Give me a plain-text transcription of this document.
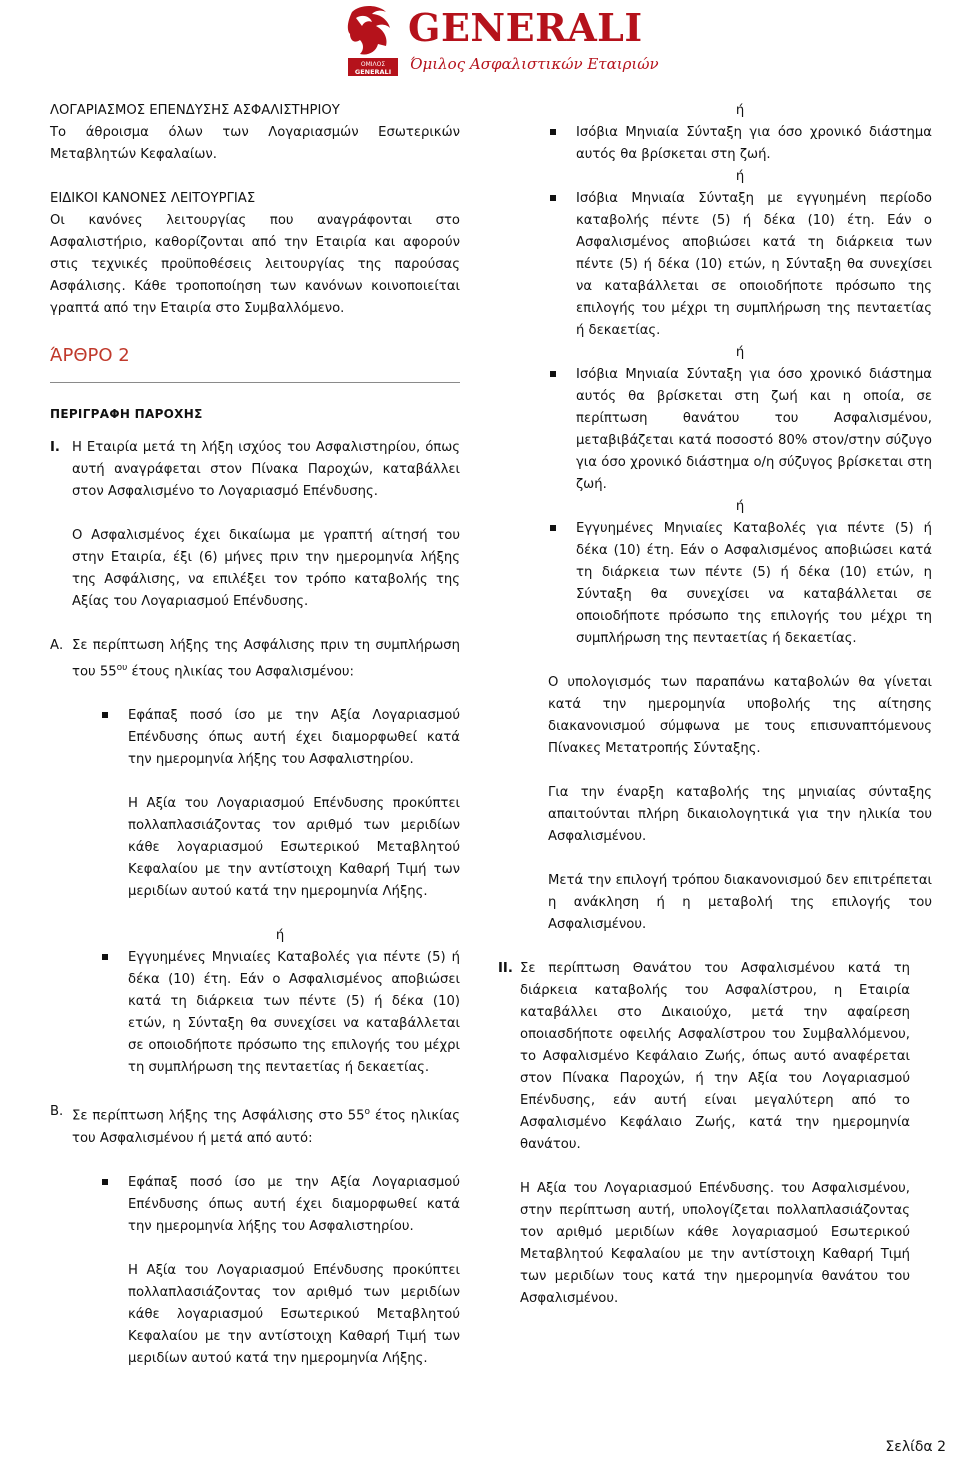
ΟΜΙΛΟΣ
GENERALI
GENERALI
Όμιλος Ασφαλιστικών Εταιριών
ΛΟΓΑΡΙΑΣΜΟΣ ΕΠΕΝΔΥΣΗΣ ΑΣΦΑΛΙΣΤΗΡΙΟΥ
Το άθροισμα όλων των Λογαριασμών Εσωτερικών
Μεταβλητών Κεφαλαίων.
ΕΙΔΙΚΟΙ ΚΑΝΟΝΕΣ ΛΕΙΤΟΥΡΓΙΑΣ

Οι κανόνες λειτουργίας που αναγράφονται στο Ασφαλιστήριο, καθορίζονται από την Εταιρία και αφορούν στις τεχνικές προϋποθέσεις λειτουργίας της παρούσας Ασφάλισης. Κάθε τροποποίηση των κανόνων κοινοποιείται γραπτά από την Εταιρία στο Συμβαλλόμενο.

ΆΡΘΡΟ 2
ΠΕΡΙΓΡΑΦΗ ΠΑΡΟΧΗΣ
I. Η Εταιρία μετά τη λήξη ισχύος του Ασφαλιστηρίου, όπως αυτή αναγράφεται στον Πίνακα Παροχών, καταβάλλει στον Ασφαλισμένο το Λογαριασμό Επένδυσης.

Ο Ασφαλισμένος έχει δικαίωμα με γραπτή αίτησή του στην Εταιρία, έξι (6) μήνες πριν την ημερομηνία λήξης της Ασφάλισης, να επιλέξει τον τρόπο καταβολής της Αξίας του Λογαριασμού Επένδυσης.

Α. Σε περίπτωση λήξης της Ασφάλισης πριν τη συμπλήρωση του $55^{o\upsilon}$ έτους ηλικίας του Ασφαλισμένου:

Εφάπαξ ποσό ίσο με την Αξία Λογαριασμού Επένδυσης όπως αυτή έχει διαμορφωθεί κατά την ημερομηνία λήξης του Ασφαλιστηρίου.

Η Αξία του Λογαριασμού Επένδυσης προκύπτει πολλαπλασιάζοντας τον αριθμό των μεριδίων κάθε λογαριασμού Εσωτερικού Μεταβλητού Κεφαλαίου με την αντίστοιχη Καθαρή Τιμή των μεριδίων αυτού κατά την ημερομηνία Λήξης.

ή

Εγγυημένες Μηνιαίες Καταβολές για πέντε (5) ή δέκα (10) έτη. Εάν ο Ασφαλισμένος αποβιώσει κατά τη διάρκεια των πέντε (5) ή δέκα (10) ετών, η Σύνταξη θα συνεχίσει να καταβάλλεται σε οποιοδήποτε πρόσωπο της επιλογής του μέχρι τη συμπλήρωση της πενταετίας ή δεκαετίας.

Β. Σε περίπτωση λήξης της Ασφάλισης στο $55^o$ έτος ηλικίας του Ασφαλισμένου ή μετά από αυτό:

Εφάπαξ ποσό ίσο με την Αξία Λογαριασμού Επένδυσης όπως αυτή έχει διαμορφωθεί κατά την ημερομηνία λήξης του Ασφαλιστηρίου.

Η Αξία του Λογαριασμού Επένδυσης προκύπτει πολλαπλασιάζοντας τον αριθμό των μεριδίων κάθε λογαριασμού Εσωτερικού Μεταβλητού Κεφαλαίου με την αντίστοιχη Καθαρή Τιμή των μεριδίων αυτού κατά την ημερομηνία Λήξης.

ή

Ισόβια Μηνιαία Σύνταξη για όσο χρονικό διάστημα αυτός θα βρίσκεται στη ζωή.

ή

Ισόβια Μηνιαία Σύνταξη με εγγυημένη περίοδο καταβολής πέντε (5) ή δέκα (10) έτη. Εάν ο Ασφαλισμένος αποβιώσει κατά τη διάρκεια των πέντε (5) ή δέκα (10) ετών, η Σύνταξη θα συνεχίσει να καταβάλλεται σε οποιοδήποτε πρόσωπο της επιλογής του μέχρι τη συμπλήρωση της πενταετίας ή δεκαετίας.

ή

Ισόβια Μηνιαία Σύνταξη για όσο χρονικό διάστημα αυτός θα βρίσκεται στη ζωή και η οποία, σε περίπτωση θανάτου του Ασφαλισμένου, μεταβιβάζεται κατά ποσοστό 80% στον/στην σύζυγο για όσο χρονικό διάστημα ο/η σύζυγος βρίσκεται στη ζωή.

ή

Εγγυημένες Μηνιαίες Καταβολές για πέντε (5) ή δέκα (10) έτη. Εάν ο Ασφαλισμένος αποβιώσει κατά τη διάρκεια των πέντε (5) ή δέκα (10) ετών, η Σύνταξη θα συνεχίσει να καταβάλλεται σε οποιοδήποτε πρόσωπο της επιλογής του μέχρι τη συμπλήρωση της πενταετίας ή δεκαετίας.

Ο υπολογισμός των παραπάνω καταβολών θα γίνεται κατά την ημερομηνία υποβολής της αίτησης διακανονισμού σύμφωνα με τους επισυναπτόμενους Πίνακες Μετατροπής Σύνταξης.

Για την έναρξη καταβολής της μηνιαίας σύνταξης απαιτούνται πλήρη δικαιολογητικά για την ηλικία του Ασφαλισμένου.

Μετά την επιλογή τρόπου διακανονισμού δεν επιτρέπεται η ανάκληση ή η μεταβολή της επιλογής του Ασφαλισμένου.

II. Σε περίπτωση Θανάτου του Ασφαλισμένου κατά τη διάρκεια καταβολής του Ασφαλίστρου, η Εταιρία καταβάλλει στο Δικαιούχο, μετά την αφαίρεση οποιασδήποτε οφειλής Ασφαλίστρου του Συμβαλλόμενου, το Ασφαλισμένο Κεφάλαιο Ζωής, όπως αυτό αναφέρεται στον Πίνακα Παροχών, ή την Αξία του Λογαριασμού Επένδυσης, εάν αυτή είναι μεγαλύτερη από το Ασφαλισμένο Κεφάλαιο Ζωής, κατά την ημερομηνία θανάτου.

Η Αξία του Λογαριασμού Επένδυσης. του Ασφαλισμένου, στην περίπτωση αυτή, υπολογίζεται πολλαπλασιάζοντας τον αριθμό μεριδίων κάθε λογαριασμού Εσωτερικού Μεταβλητού Κεφαλαίου με την αντίστοιχη Καθαρή Τιμή των μεριδίων τους κατά την ημερομηνία θανάτου του Ασφαλισμένου.

Σελίδα 2
